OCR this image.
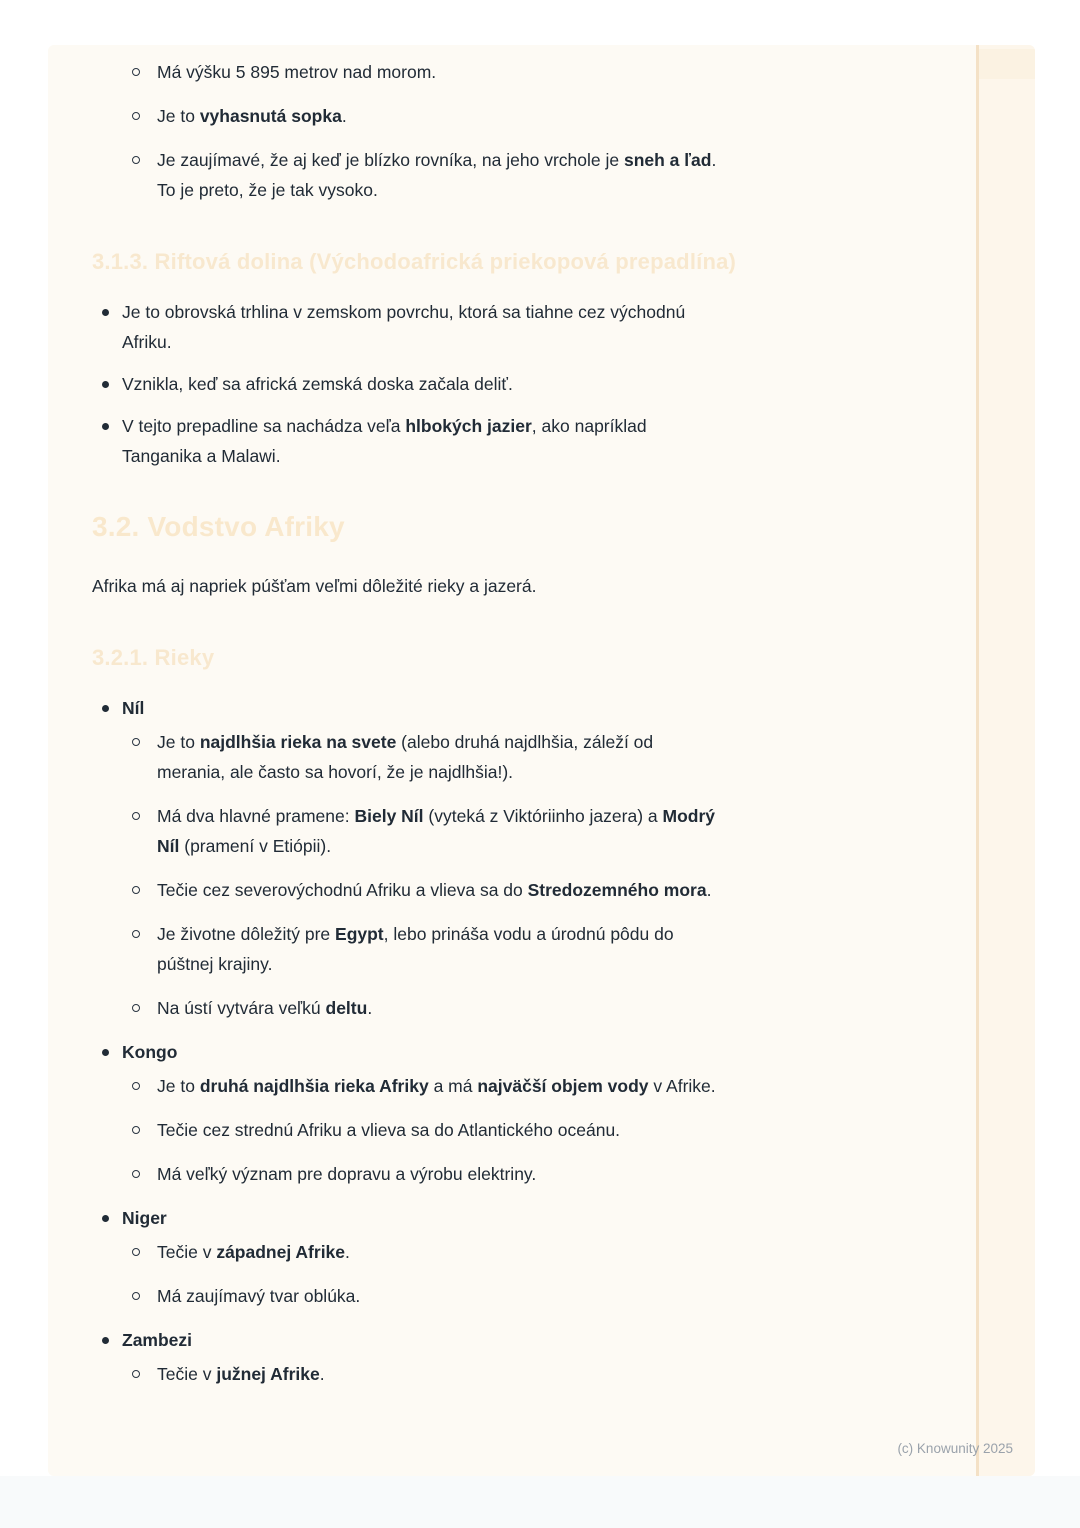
Má výšku 5 895 metrov nad morom.
Je to vyhasnutá sopka.
Je zaujímavé, že aj keď je blízko rovníka, na jeho vrchole je sneh a ľad.
To je preto, že je tak vysoko.
3.1.3. Riftová dolina (Východoafrická priekopová prepadlína)
Je to obrovská trhlina v zemskom povrchu, ktorá sa tiahne cez východnú
Afriku.
Vznikla, keď sa africká zemská doska začala deliť.
V tejto prepadline sa nachádza veľa hlbokých jazier, ako napríklad
Tanganika a Malawi.
3.2. Vodstvo Afriky
Afrika má aj napriek púšťam veľmi dôležité rieky a jazerá.
3.2.1. Rieky
Níl
Je to najdlhšia rieka na svete (alebo druhá najdlhšia, záleží od
merania, ale často sa hovorí, že je najdlhšia!).
Má dva hlavné pramene: Biely Níl (vyteká z Viktóriinho jazera) a Modrý
Níl (pramení v Etiópii).
Tečie cez severovýchodnú Afriku a vlieva sa do Stredozemného mora.
Je životne dôležitý pre Egypt, lebo prináša vodu a úrodnú pôdu do
púštnej krajiny.
Na ústí vytvára veľkú deltu.
Kongo
Je to druhá najdlhšia rieka Afriky a má najväčší objem vody v Afrike.
Tečie cez strednú Afriku a vlieva sa do Atlantického oceánu.
Má veľký význam pre dopravu a výrobu elektriny.
Niger
Tečie v západnej Afrike.
Má zaujímavý tvar oblúka.
Zambezi
Tečie v južnej Afrike.
(c) Knowunity 2025
